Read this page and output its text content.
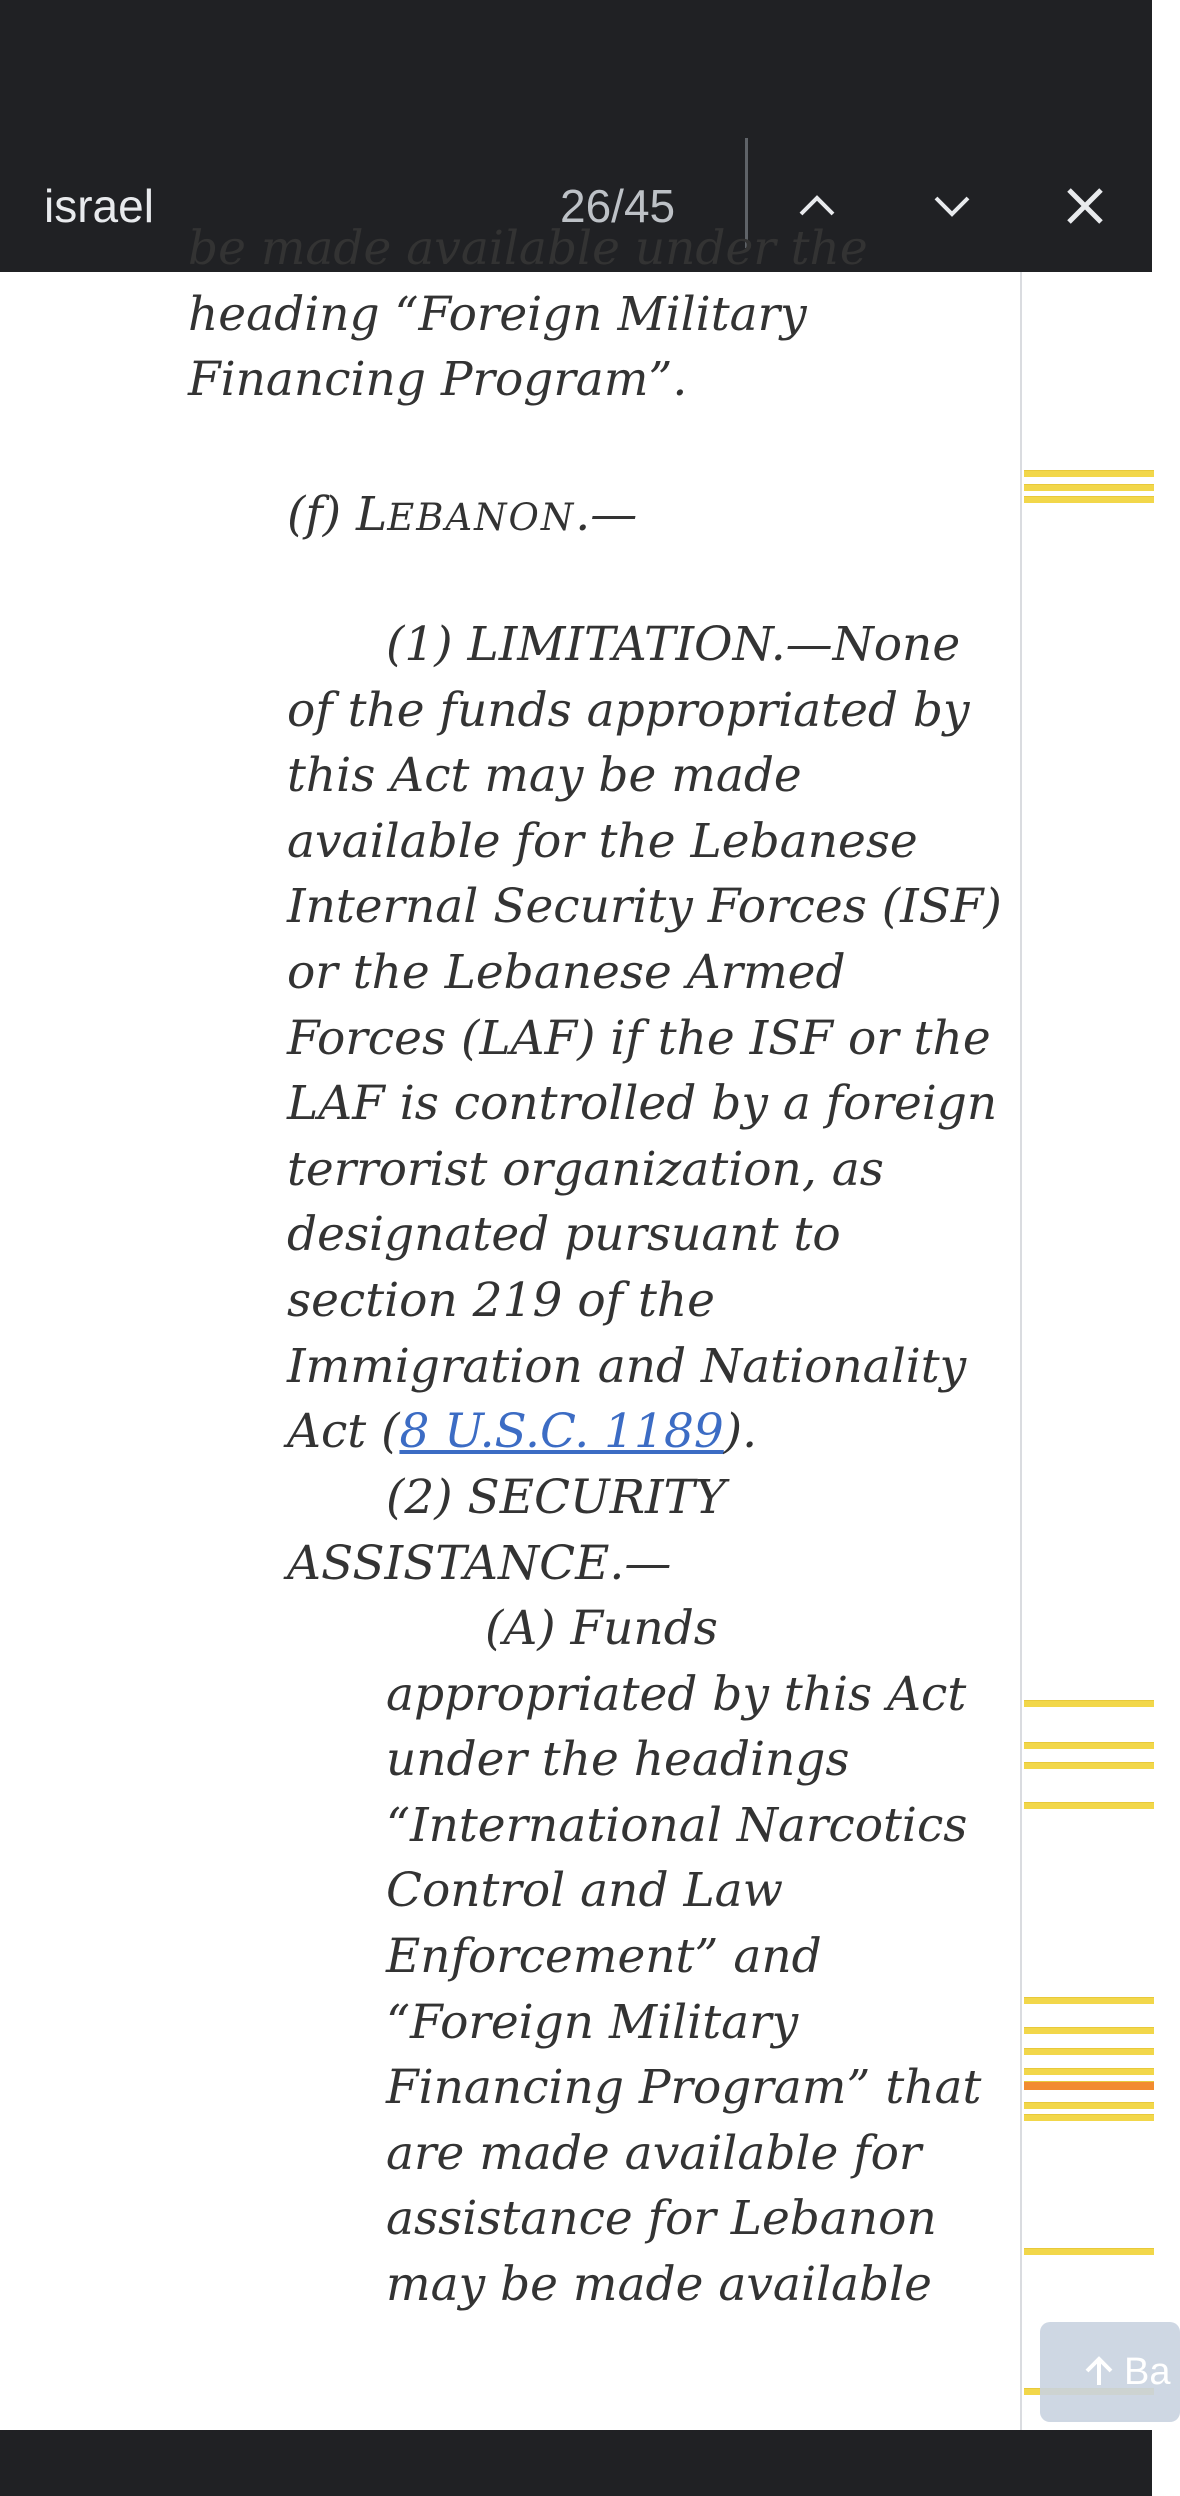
israel	26/45
be made available under the
heading “Foreign Military
Financing Program”.
(f) LEBANON.—
(1) LIMITATION.—None
of the funds appropriated by
this Act may be made
available for the Lebanese
Internal Security Forces (ISF)
or the Lebanese Armed
Forces (LAF) if the ISF or the
LAF is controlled by a foreign
terrorist organization, as
designated pursuant to
section 219 of the
Immigration and Nationality
Act (8 U.S.C. 1189).
(2) SECURITY
ASSISTANCE.—
(A) Funds
appropriated by this Act
under the headings
“International Narcotics
Control and Law
Enforcement” and
“Foreign Military
Financing Program” that
are made available for
assistance for Lebanon
may be made available
Ba
